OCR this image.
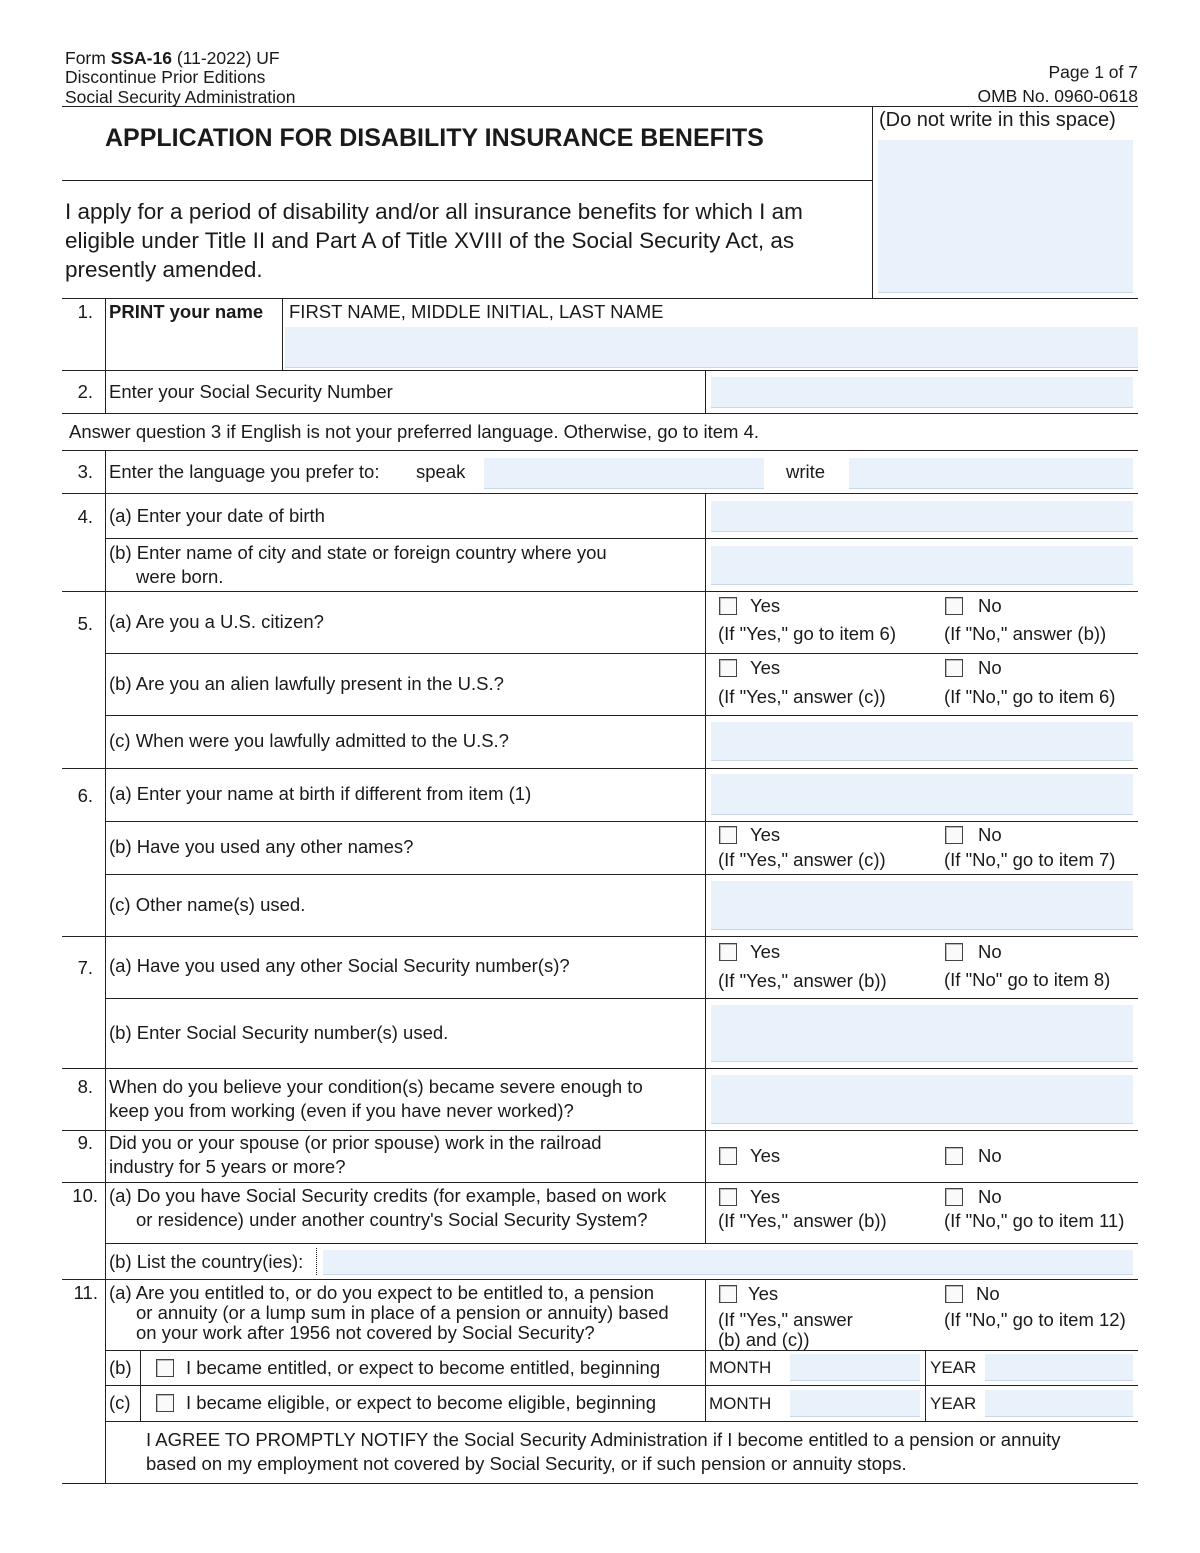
Form SSA-16 (11-2022) UF
Discontinue Prior Editions
Social Security Administration
Page 1 of 7
OMB No. 0960-0618
APPLICATION FOR DISABILITY INSURANCE BENEFITS
I apply for a period of disability and/or all insurance benefits for which I am eligible under Title II and Part A of Title XVIII of the Social Security Act, as presently amended.
(Do not write in this space)
1. PRINT your name FIRST NAME, MIDDLE INITIAL, LAST NAME
2. Enter your Social Security Number
Answer question 3 if English is not your preferred language. Otherwise, go to item 4.
3. Enter the language you prefer to: speak	write
4. (a) Enter your date of birth
(b) Enter name of city and state or foreign country where you
were born.
5. (a) Are you a U.S. citizen?
Yes
(If "Yes," go to item 6)
No
(If "No," answer (b))
(b) Are you an alien lawfully present in the U.S.?
Yes
(If "Yes," answer (c))
No
(If "No," go to item 6)
(c) When were you lawfully admitted to the U.S.?
6. (a) Enter your name at birth if different from item (1)
(b) Have you used any other names?
Yes
(If "Yes," answer (c))
No
(If "No," go to item 7)
(c) Other name(s) used.
7. (a) Have you used any other Social Security number(s)?
Yes
(If "Yes," answer (b))
No
(If "No" go to item 8)
(b) Enter Social Security number(s) used.
8. When do you believe your condition(s) became severe enough to
keep you from working (even if you have never worked)?
9. Did you or your spouse (or prior spouse) work in the railroad
industry for 5 years or more?
Yes	No
10. (a) Do you have Social Security credits (for example, based on work
or residence) under another country's Social Security System?
Yes
(If "Yes," answer (b))
No
(If "No," go to item 11)
(b) List the country(ies):
11. (a) Are you entitled to, or do you expect to be entitled to, a pension
or annuity (or a lump sum in place of a pension or annuity) based
on your work after 1956 not covered by Social Security?
Yes
(If "Yes," answer
(b) and (c))
No
(If "No," go to item 12)
(b)	I became entitled, or expect to become entitled, beginning	MONTH	YEAR
(c)	I became eligible, or expect to become eligible, beginning	MONTH	YEAR
I AGREE TO PROMPTLY NOTIFY the Social Security Administration if I become entitled to a pension or annuity
based on my employment not covered by Social Security, or if such pension or annuity stops.
